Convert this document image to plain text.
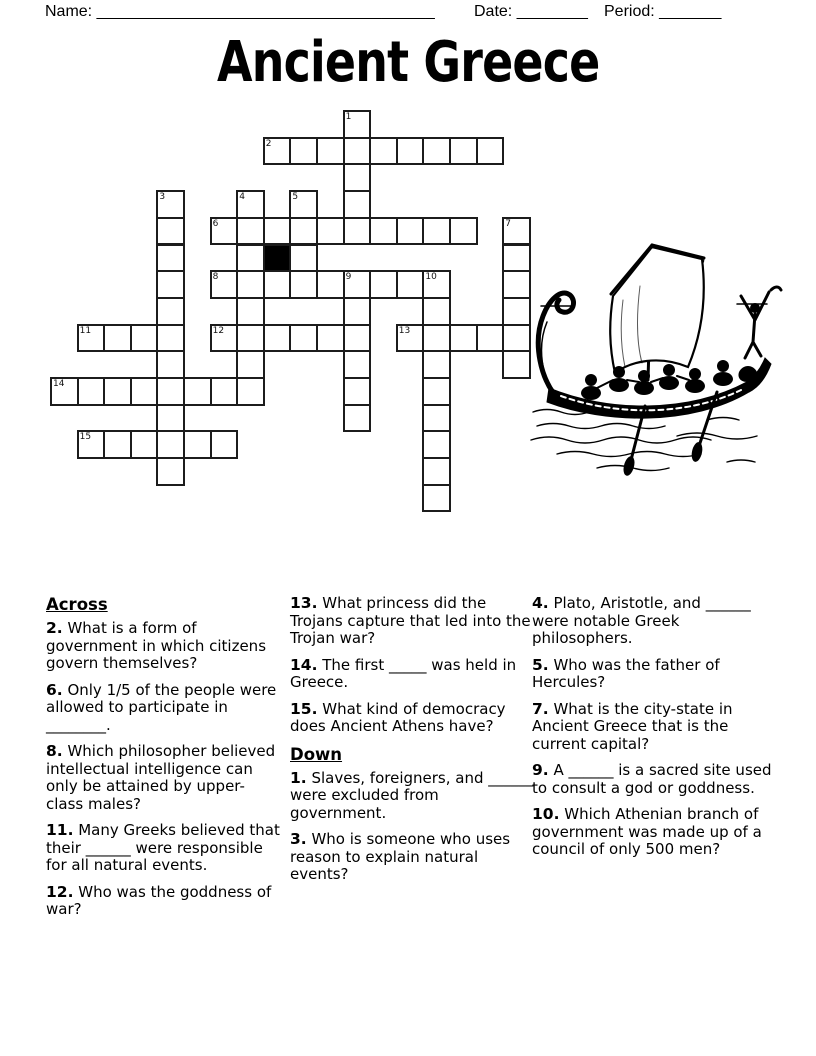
Name: ______________________________________ Date: ________ Period: _______
Ancient Greece
1
2
3	4	5
6	7
8	9	10
11	12	13
14
15
Across

2. What is a form of government in which citizens govern themselves?

6. Only 1/5 of the people were allowed to participate in ________.

8. Which philosopher believed intellectual intelligence can only be attained by upper-class males?

11. Many Greeks believed that their ______ were responsible for all natural events.

12. Who was the goddness of war?

13. What princess did the Trojans capture that led into the Trojan war?

14. The first _____ was held in Greece.

15. What kind of democracy does Ancient Athens have?

Down

1. Slaves, foreigners, and ______ were excluded from government.

3. Who is someone who uses reason to explain natural events?

4. Plato, Aristotle, and ______ were notable Greek philosophers.

5. Who was the father of Hercules?

7. What is the city-state in Ancient Greece that is the current capital?

9. A ______ is a sacred site used to consult a god or goddness.

10. Which Athenian branch of government was made up of a council of only 500 men?
